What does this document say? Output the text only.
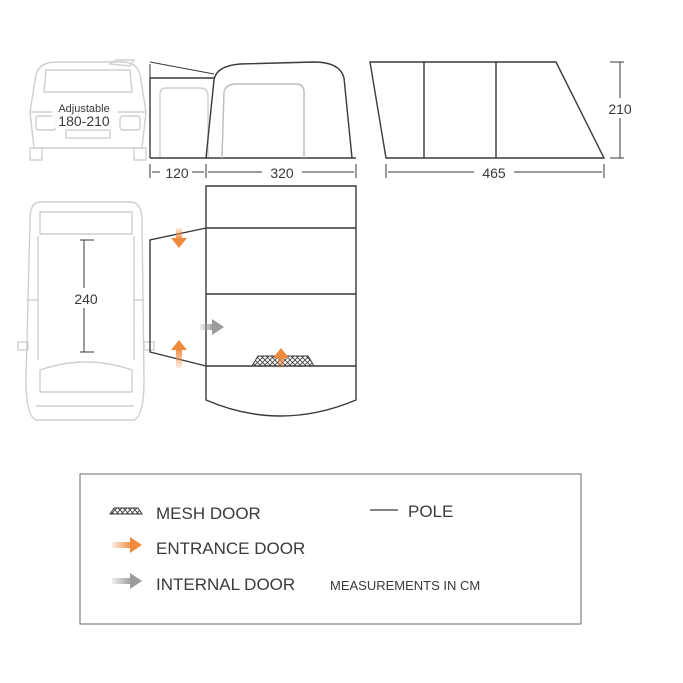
Adjustable
180-210
120	320
210
465
240
MESH DOOR
ENTRANCE DOOR
INTERNAL DOOR
POLE
MEASUREMENTS IN CM
